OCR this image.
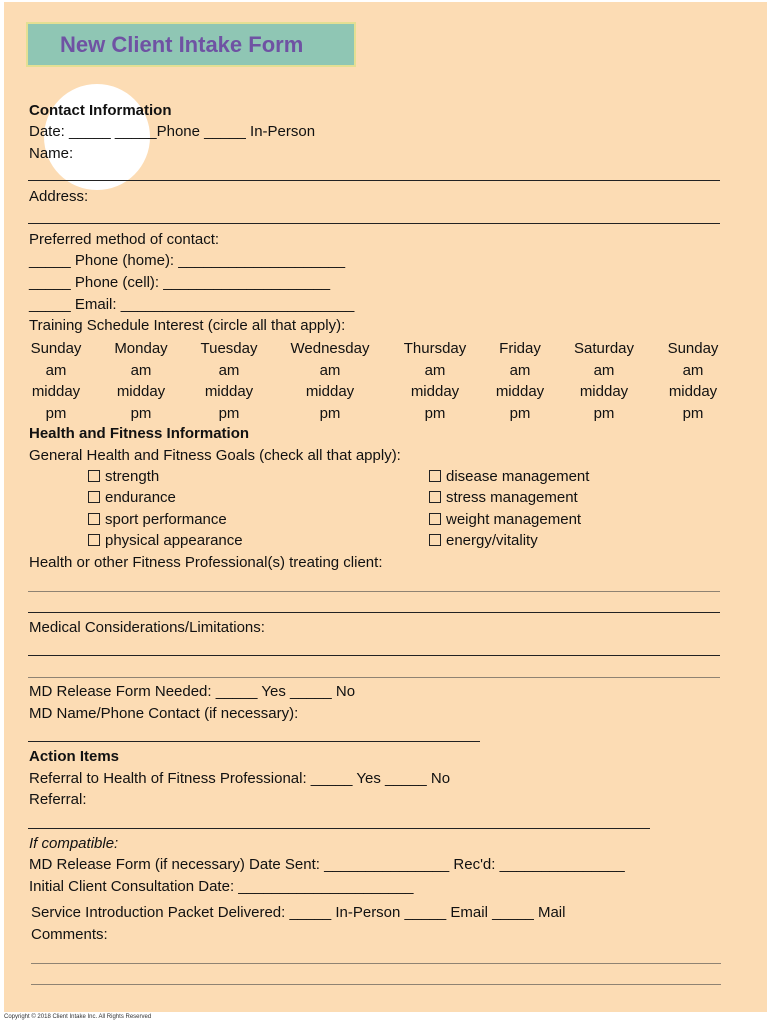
New Client Intake Form
Contact Information
Date: _____ _____Phone _____ In-Person
Name:
Address:
Preferred method of contact:
_____ Phone (home): ____________________
_____ Phone (cell): ____________________
_____ Email: ____________________________
Training Schedule Interest (circle all that apply):
Sunday
am
midday
pm
Monday
am
midday
pm
Tuesday
am
midday
pm
Wednesday
am
midday
pm
Thursday
am
midday
pm
Friday
am
midday
pm
Saturday
am
midday
pm
Sunday
am
midday
pm
Health and Fitness Information
General Health and Fitness Goals (check all that apply):
strength
endurance
sport performance
physical appearance
disease management
stress management
weight management
energy/vitality
Health or other Fitness Professional(s) treating client:
Medical Considerations/Limitations:
MD Release Form Needed: _____ Yes _____ No
MD Name/Phone Contact (if necessary):
Action Items
Referral to Health of Fitness Professional: _____ Yes _____ No
Referral:
If compatible:
MD Release Form (if necessary) Date Sent: _______________ Rec'd: _______________
Initial Client Consultation Date: _____________________
Service Introduction Packet Delivered: _____ In-Person _____ Email _____ Mail
Comments:
Copyright © 2018 Client Intake Inc. All Rights Reserved
